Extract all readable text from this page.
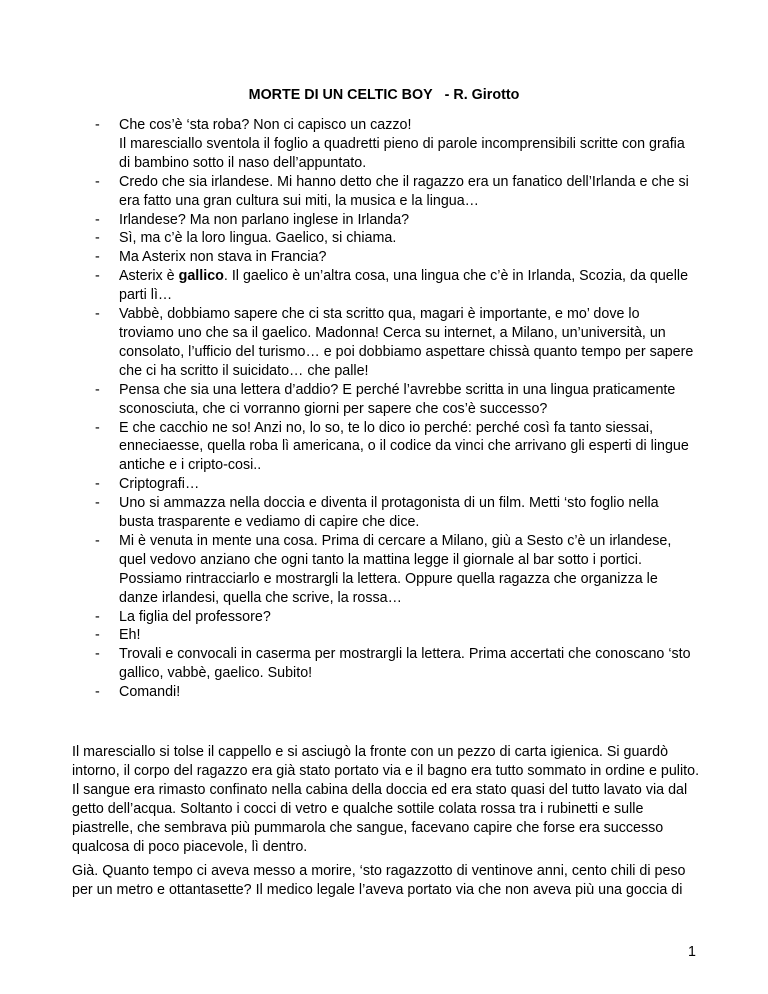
MORTE DI UN CELTIC BOY - R. Girotto
- Che cos’è ‘sta roba? Non ci capisco un cazzo!
Il maresciallo sventola il foglio a quadretti pieno di parole incomprensibili scritte con grafia di bambino sotto il naso dell’appuntato.
- Credo che sia irlandese. Mi hanno detto che il ragazzo era un fanatico dell’Irlanda e che si era fatto una gran cultura sui miti, la musica e la lingua…
- Irlandese? Ma non parlano inglese in Irlanda?
- Sì, ma c’è la loro lingua. Gaelico, si chiama.
- Ma Asterix non stava in Francia?
- Asterix è gallico. Il gaelico è un’altra cosa, una lingua che c’è in Irlanda, Scozia, da quelle parti lì…
- Vabbè, dobbiamo sapere che ci sta scritto qua, magari è importante, e mo’ dove lo troviamo uno che sa il gaelico. Madonna! Cerca su internet, a Milano, un’università, un consolato, l’ufficio del turismo… e poi dobbiamo aspettare chissà quanto tempo per sapere che ci ha scritto il suicidato… che palle!
- Pensa che sia una lettera d’addio? E perché l’avrebbe scritta in una lingua praticamente sconosciuta, che ci vorranno giorni per sapere che cos’è successo?
- E che cacchio ne so! Anzi no, lo so, te lo dico io perché: perché così fa tanto siessai, enneciaesse, quella roba lì americana, o il codice da vinci che arrivano gli esperti di lingue antiche e i cripto-cosi..
- Criptografi…
- Uno si ammazza nella doccia e diventa il protagonista di un film. Metti ‘sto foglio nella busta trasparente e vediamo di capire che dice.
- Mi è venuta in mente una cosa. Prima di cercare a Milano, giù a Sesto c’è un irlandese, quel vedovo anziano che ogni tanto la mattina legge il giornale al bar sotto i portici. Possiamo rintracciarlo e mostrargli la lettera. Oppure quella ragazza che organizza le danze irlandesi, quella che scrive, la rossa…
- La figlia del professore?
- Eh!
- Trovali e convocali in caserma per mostrargli la lettera. Prima accertati che conoscano ‘sto gallico, vabbè, gaelico. Subito!
- Comandi!
Il maresciallo si tolse il cappello e si asciugò la fronte con un pezzo di carta igienica. Si guardò intorno, il corpo del ragazzo era già stato portato via e il bagno era tutto sommato in ordine e pulito. Il sangue era rimasto confinato nella cabina della doccia ed era stato quasi del tutto lavato via dal getto dell’acqua. Soltanto i cocci di vetro e qualche sottile colata rossa tra i rubinetti e sulle piastrelle, che sembrava più pummarola che sangue, facevano capire che forse era successo qualcosa di poco piacevole, lì dentro.
Già. Quanto tempo ci aveva messo a morire, ‘sto ragazzotto di ventinove anni, cento chili di peso per un metro e ottantasette? Il medico legale l’aveva portato via che non aveva più una goccia di
1
